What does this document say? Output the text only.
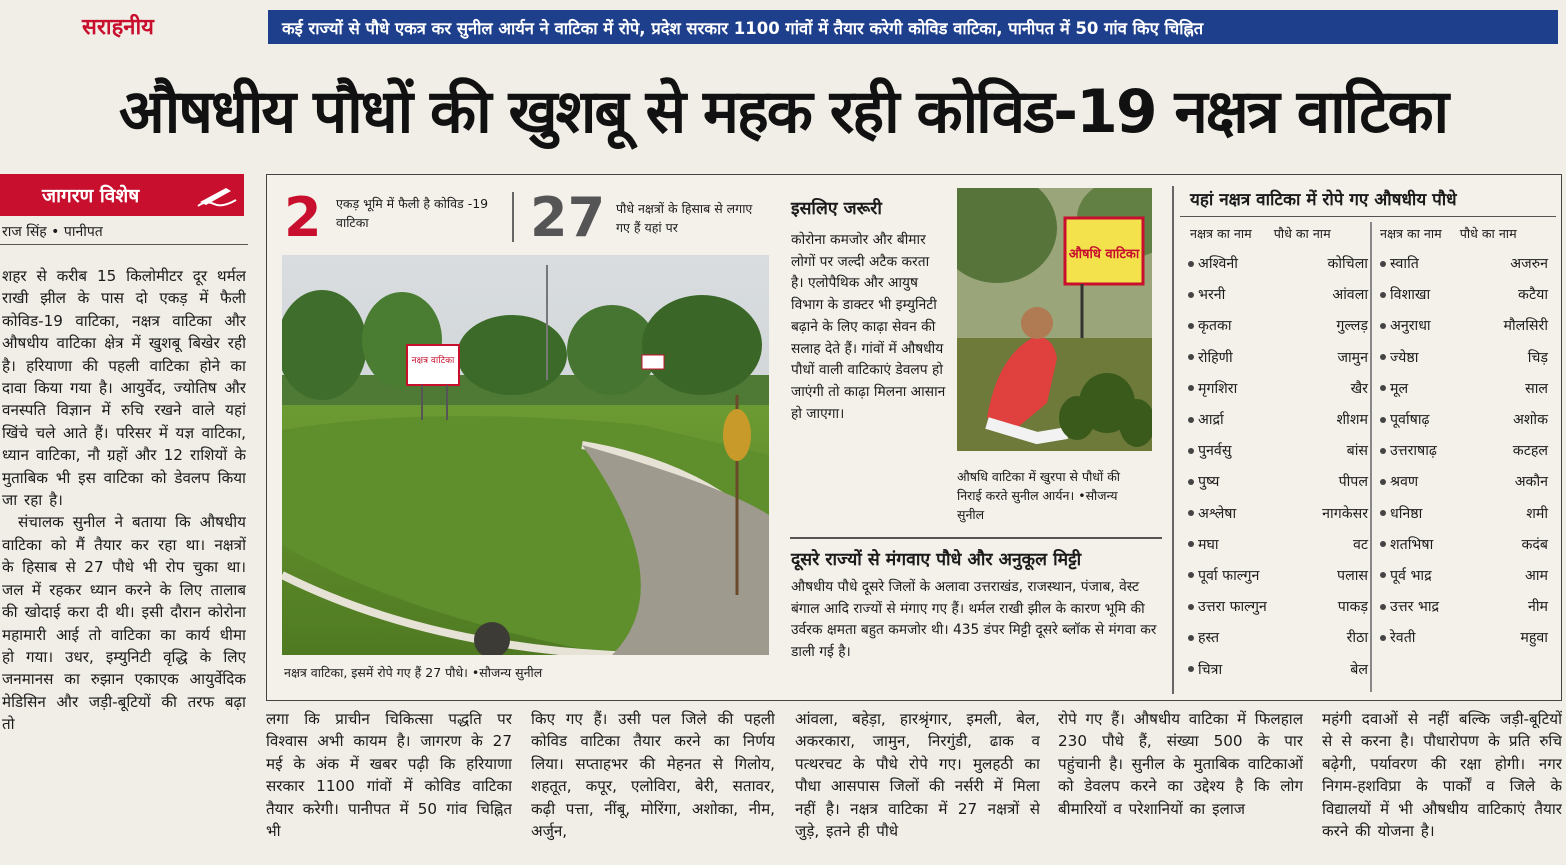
सराहनीय	कई राज्यों से पौधे एकत्र कर सुनील आर्यन ने वाटिका में रोपे, प्रदेश सरकार 1100 गांवों में तैयार करेगी कोविड वाटिका, पानीपत में 50 गांव किए चिह्नित
औषधीय पौधों की खुशबू से महक रही कोविड-19 नक्षत्र वाटिका
जागरण विशेष
राज सिंह • पानीपत

शहर से करीब 15 किलोमीटर दूर थर्मल राखी झील के पास दो एकड़ में फैली कोविड-19 वाटिका, नक्षत्र वाटिका और औषधीय वाटिका क्षेत्र में खुशबू बिखेर रही है। हरियाणा की पहली वाटिका होने का दावा किया गया है। आयुर्वेद, ज्योतिष और वनस्पति विज्ञान में रुचि रखने वाले यहां खिंचे चले आते हैं। परिसर में यज्ञ वाटिका, ध्यान वाटिका, नौ ग्रहों और 12 राशियों के मुताबिक भी इस वाटिका को डेवलप किया जा रहा है।

संचालक सुनील ने बताया कि औषधीय वाटिका को मैं तैयार कर रहा था। नक्षत्रों के हिसाब से 27 पौधे भी रोप चुका था। जल में रहकर ध्यान करने के लिए तालाब की खोदाई करा दी थी। इसी दौरान कोरोना महामारी आई तो वाटिका का कार्य धीमा हो गया। उधर, इम्युनिटी वृद्धि के लिए जनमानस का रुझान एकाएक आयुर्वेदिक मेडिसिन और जड़ी-बूटियों की तरफ बढ़ा तो

2 एकड़ भूमि में फैली है कोविड -19 वाटिका	27 पौधे नक्षत्रों के हिसाब से लगाए गए हैं यहां पर
नक्षत्र वाटिका
नक्षत्र वाटिका, इसमें रोपे गए हैं 27 पौधे। •सौजन्य सुनील
इसलिए जरूरी
कोरोना कमजोर और बीमार लोगों पर जल्दी अटैक करता है। एलोपैथिक और आयुष विभाग के डाक्टर भी इम्युनिटी बढ़ाने के लिए काढ़ा सेवन की सलाह देते हैं। गांवों में औषधीय पौधों वाली वाटिकाएं डेवलप हो जाएंगी तो काढ़ा मिलना आसान हो जाएगा।
औषधि वाटिका
औषधि वाटिका में खुरपा से पौधों की निराई करते सुनील आर्यन। •सौजन्य सुनील
दूसरे राज्यों से मंगवाए पौधे और अनुकूल मिट्टी
औषधीय पौधे दूसरे जिलों के अलावा उत्तराखंड, राजस्थान, पंजाब, वेस्ट बंगाल आदि राज्यों से मंगाए गए हैं। थर्मल राखी झील के कारण भूमि की उर्वरक क्षमता बहुत कमजोर थी। 435 डंपर मिट्टी दूसरे ब्लॉक से मंगवा कर डाली गई है।
यहां नक्षत्र वाटिका में रोपे गए औषधीय पौधे
नक्षत्र का नाम पौधे का नाम	नक्षत्र का नाम पौधे का नाम
अश्विनी	कोचिला
भरनी	आंवला
कृतका	गुल्लड़
रोहिणी	जामुन
मृगशिरा	खैर
आर्द्रा	शीशम
पुनर्वसु	बांस
पुष्य	पीपल
अश्लेषा	नागकेसर
मघा	वट
पूर्वा फाल्गुन	पलास
उत्तरा फाल्गुन	पाकड़
हस्त	रीठा
चित्रा	बेल
स्वाति	अजरुन
विशाखा	कटैया
अनुराधा	मौलसिरी
ज्येष्ठा	चिड़
मूल	साल
पूर्वाषाढ़	अशोक
उत्तराषाढ़	कटहल
श्रवण	अकौन
धनिष्ठा	शमी
शतभिषा	कदंब
पूर्व भाद्र	आम
उत्तर भाद्र	नीम
रेवती	महुवा
लगा कि प्राचीन चिकित्सा पद्धति पर विश्वास अभी कायम है। जागरण के 27 मई के अंक में खबर पढ़ी कि हरियाणा सरकार 1100 गांवों में कोविड वाटिका तैयार करेगी। पानीपत में 50 गांव चिह्नित भी
किए गए हैं। उसी पल जिले की पहली कोविड वाटिका तैयार करने का निर्णय लिया। सप्ताहभर की मेहनत से गिलोय, शहतूत, कपूर, एलोविरा, बेरी, सतावर, कढ़ी पत्ता, नींबू, मोरिंगा, अशोका, नीम, अर्जुन,
आंवला, बहेड़ा, हारश्रृंगार, इमली, बेल, अकरकारा, जामुन, निरगुंडी, ढाक व पत्थरचट के पौधे रोपे गए। मुलहठी का पौधा आसपास जिलों की नर्सरी में मिला नहीं है। नक्षत्र वाटिका में 27 नक्षत्रों से जुड़े, इतने ही पौधे
रोपे गए हैं। औषधीय वाटिका में फिलहाल 230 पौधे हैं, संख्या 500 के पार पहुंचानी है। सुनील के मुताबिक वाटिकाओं को डेवलप करने का उद्देश्य है कि लोग बीमारियों व परेशानियों का इलाज
महंगी दवाओं से नहीं बल्कि जड़ी-बूटियों से से करना है। पौधारोपण के प्रति रुचि बढ़ेगी, पर्यावरण की रक्षा होगी। नगर निगम-हशविप्रा के पार्कों व जिले के विद्यालयों में भी औषधीय वाटिकाएं तैयार करने की योजना है।
